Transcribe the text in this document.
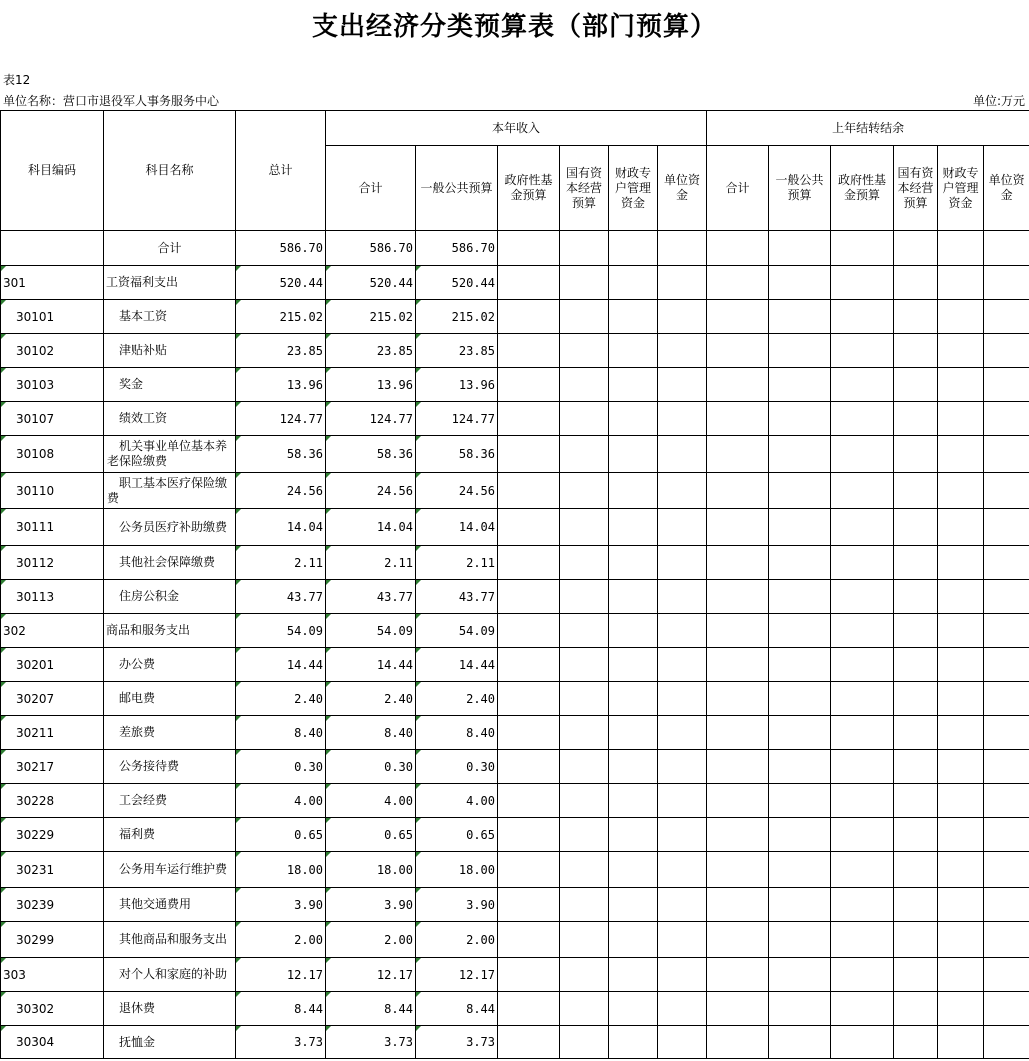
支出经济分类预算表（部门预算）
表12
单位名称：营口市退役军人事务服务中心	单位:万元
科目编码	科目名称	总计	本年收入						上年结转结余					
			合计	一般公共预算	政府性基金预算	国有资本经营预算	财政专户管理资金	单位资金	合计	一般公共预算	政府性基金预算	国有资本经营预算	财政专户管理资金	单位资金
	合计	586.70	586.70	586.70										
301	工资福利支出	520.44	520.44	520.44										
30101	基本工资	215.02	215.02	215.02										
30102	津贴补贴	23.85	23.85	23.85										
30103	奖金	13.96	13.96	13.96										
30107	绩效工资	124.77	124.77	124.77										
30108	机关事业单位基本养老保险缴费	58.36	58.36	58.36										
30110	职工基本医疗保险缴费	24.56	24.56	24.56										
30111	公务员医疗补助缴费	14.04	14.04	14.04										
30112	其他社会保障缴费	2.11	2.11	2.11										
30113	住房公积金	43.77	43.77	43.77										
302	商品和服务支出	54.09	54.09	54.09										
30201	办公费	14.44	14.44	14.44										
30207	邮电费	2.40	2.40	2.40										
30211	差旅费	8.40	8.40	8.40										
30217	公务接待费	0.30	0.30	0.30										
30228	工会经费	4.00	4.00	4.00										
30229	福利费	0.65	0.65	0.65										
30231	公务用车运行维护费	18.00	18.00	18.00										
30239	其他交通费用	3.90	3.90	3.90										
30299	其他商品和服务支出	2.00	2.00	2.00										
303	对个人和家庭的补助	12.17	12.17	12.17										
30302	退休费	8.44	8.44	8.44										
30304	抚恤金	3.73	3.73	3.73										
